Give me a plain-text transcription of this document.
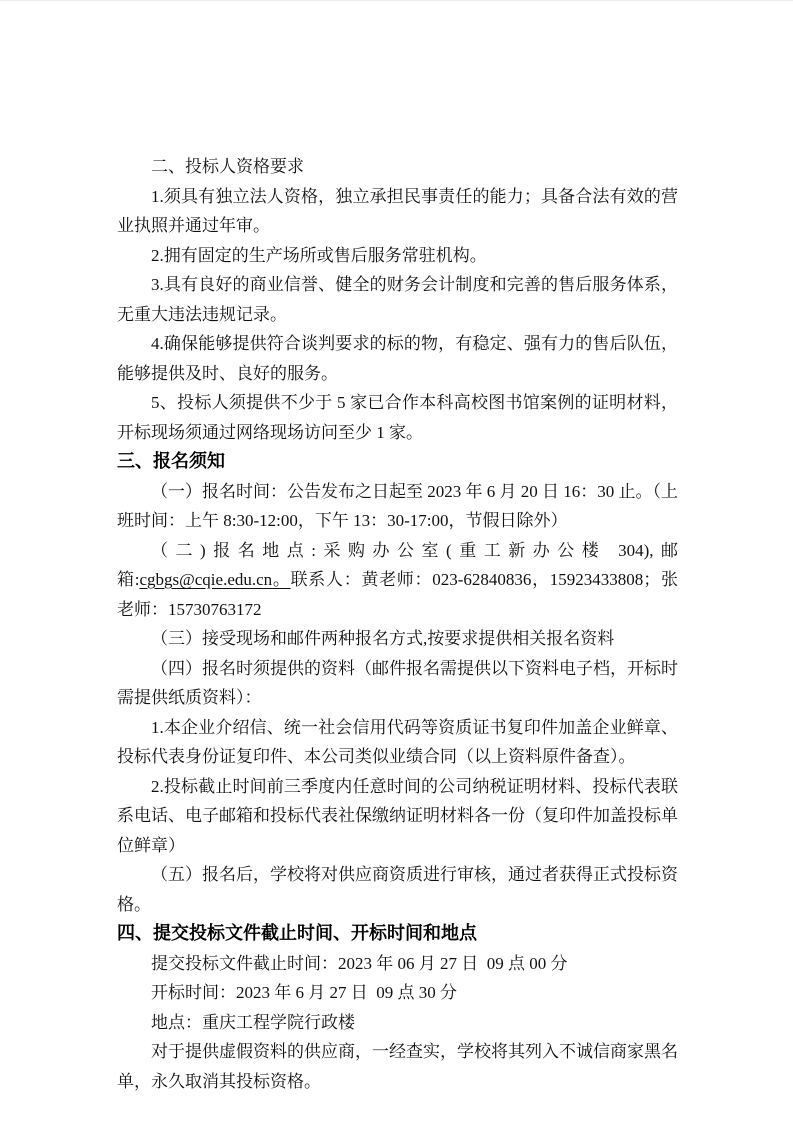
二、投标人资格要求

1.须具有独立法人资格，独立承担民事责任的能力；具备合法有效的营业执照并通过年审。

2.拥有固定的生产场所或售后服务常驻机构。

3.具有良好的商业信誉、健全的财务会计制度和完善的售后服务体系，无重大违法违规记录。

4.确保能够提供符合谈判要求的标的物，有稳定、强有力的售后队伍，能够提供及时、良好的服务。

5、投标人须提供不少于 5 家已合作本科高校图书馆案例的证明材料，开标现场须通过网络现场访问至少 1 家。

三、报名须知

（一）报名时间：公告发布之日起至 2023 年 6 月 20 日 16：30 止。（上班时间：上午 8:30-12:00，下午 13：30-17:00，节假日除外）

（二)报名地点:采购办公室(重工新办公楼 304),邮箱:cgbgs@cqie.edu.cn。联系人：黄老师：023-62840836，15923433808；张老师：15730763172

（三）接受现场和邮件两种报名方式,按要求提供相关报名资料

（四）报名时须提供的资料（邮件报名需提供以下资料电子档，开标时需提供纸质资料）：

1.本企业介绍信、统一社会信用代码等资质证书复印件加盖企业鲜章、投标代表身份证复印件、本公司类似业绩合同（以上资料原件备查）。

2.投标截止时间前三季度内任意时间的公司纳税证明材料、投标代表联系电话、电子邮箱和投标代表社保缴纳证明材料各一份（复印件加盖投标单位鲜章）

（五）报名后，学校将对供应商资质进行审核，通过者获得正式投标资格。

四、提交投标文件截止时间、开标时间和地点

提交投标文件截止时间：2023 年 06 月 27 日  09 点 00 分

开标时间：2023 年 6 月 27 日  09 点 30 分

地点：重庆工程学院行政楼

对于提供虚假资料的供应商，一经查实，学校将其列入不诚信商家黑名单，永久取消其投标资格。
